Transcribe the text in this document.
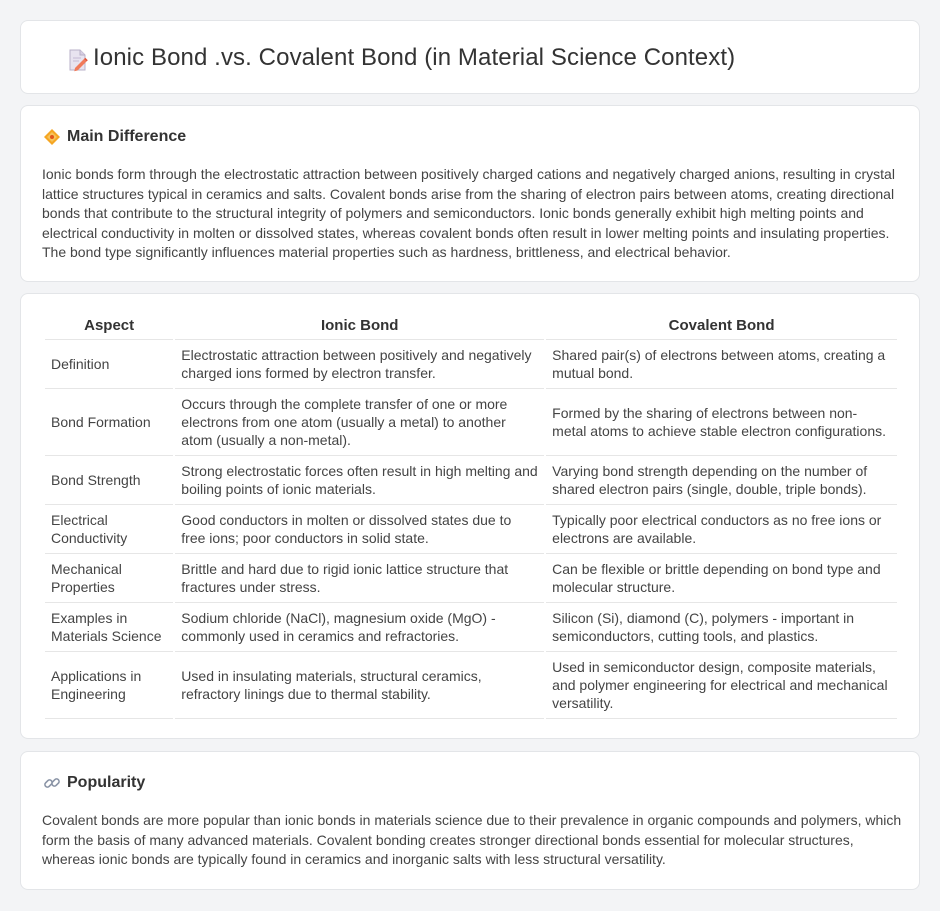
Ionic Bond .vs. Covalent Bond (in Material Science Context)
Main Difference

Ionic bonds form through the electrostatic attraction between positively charged cations and negatively charged anions, resulting in crystal lattice structures typical in ceramics and salts. Covalent bonds arise from the sharing of electron pairs between atoms, creating directional bonds that contribute to the structural integrity of polymers and semiconductors. Ionic bonds generally exhibit high melting points and electrical conductivity in molten or dissolved states, whereas covalent bonds often result in lower melting points and insulating properties. The bond type significantly influences material properties such as hardness, brittleness, and electrical behavior.

Aspect	Ionic Bond	Covalent Bond
Definition	Electrostatic attraction between positively and negatively charged ions formed by electron transfer.	Shared pair(s) of electrons between atoms, creating a mutual bond.
Bond Formation	Occurs through the complete transfer of one or more electrons from one atom (usually a metal) to another atom (usually a non-metal).	Formed by the sharing of electrons between non-metal atoms to achieve stable electron configurations.
Bond Strength	Strong electrostatic forces often result in high melting and boiling points of ionic materials.	Varying bond strength depending on the number of shared electron pairs (single, double, triple bonds).
Electrical Conductivity	Good conductors in molten or dissolved states due to free ions; poor conductors in solid state.	Typically poor electrical conductors as no free ions or electrons are available.
Mechanical Properties	Brittle and hard due to rigid ionic lattice structure that fractures under stress.	Can be flexible or brittle depending on bond type and molecular structure.
Examples in Materials Science	Sodium chloride (NaCl), magnesium oxide (MgO) - commonly used in ceramics and refractories.	Silicon (Si), diamond (C), polymers - important in semiconductors, cutting tools, and plastics.
Applications in Engineering	Used in insulating materials, structural ceramics, refractory linings due to thermal stability.	Used in semiconductor design, composite materials, and polymer engineering for electrical and mechanical versatility.
Popularity

Covalent bonds are more popular than ionic bonds in materials science due to their prevalence in organic compounds and polymers, which form the basis of many advanced materials. Covalent bonding creates stronger directional bonds essential for molecular structures, whereas ionic bonds are typically found in ceramics and inorganic salts with less structural versatility.
